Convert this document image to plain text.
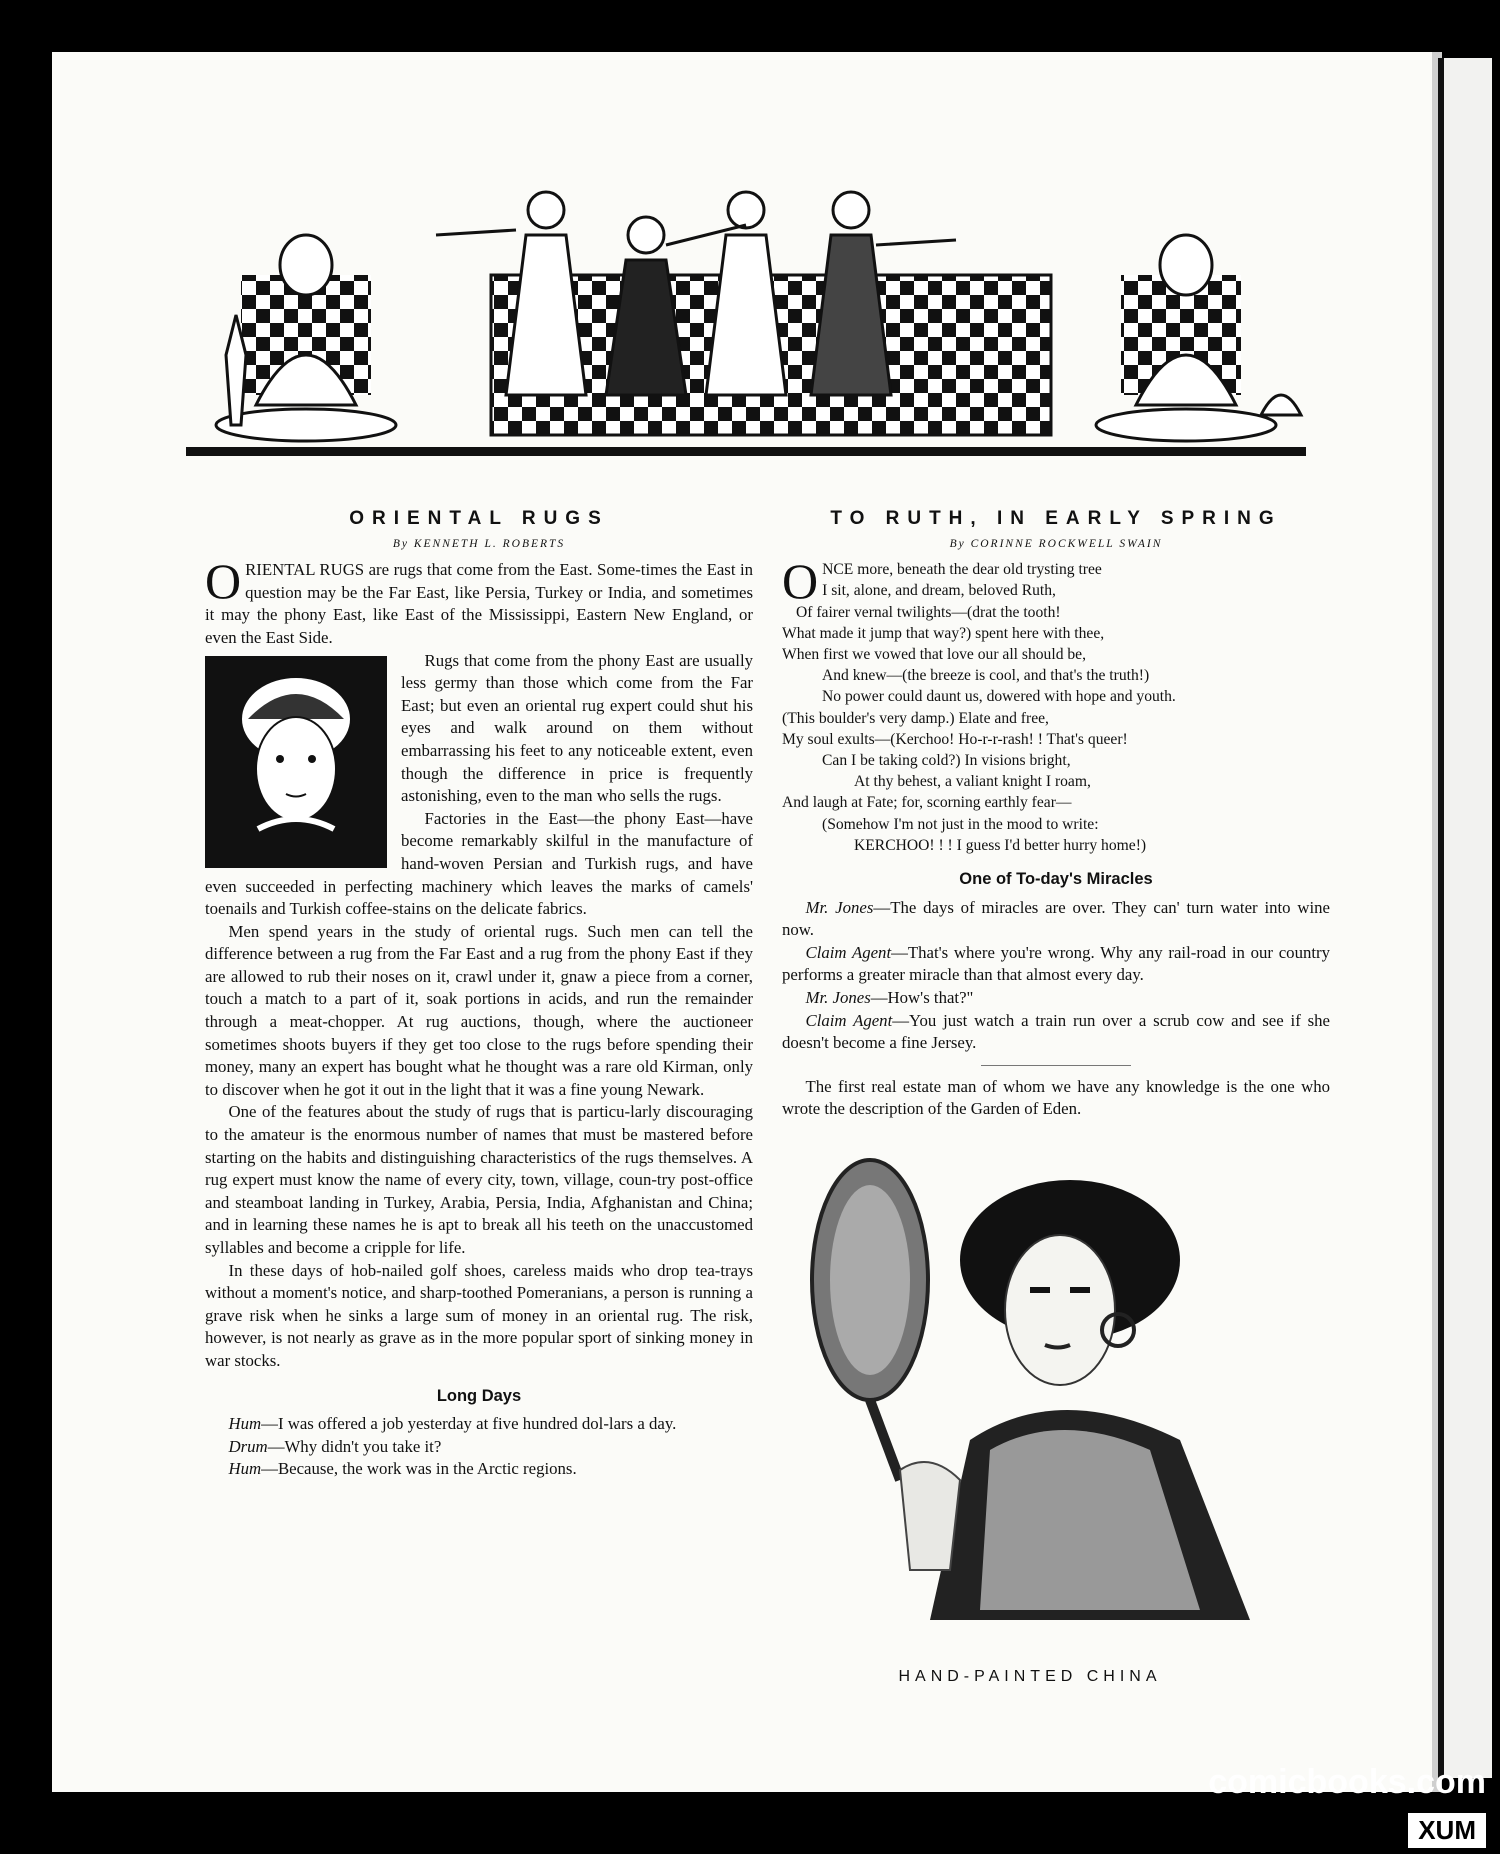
ORIENTAL RUGS
By KENNETH L. ROBERTS

ORIENTAL RUGS are rugs that come from the East. Some-times the East in question may be the Far East, like Persia, Turkey or India, and sometimes it may the phony East, like East of the Mississippi, Eastern New England, or even the East Side.

Rugs that come from the phony East are usually less germy than those which come from the Far East; but even an oriental rug expert could shut his eyes and walk around on them without embarrassing his feet to any noticeable extent, even though the difference in price is frequently astonishing, even to the man who sells the rugs.

Factories in the East—the phony East—have become remarkably skilful in the manufacture of hand-woven Persian and Turkish rugs, and have even succeeded in perfecting machinery which leaves the marks of camels' toenails and Turkish coffee-stains on the delicate fabrics.

Men spend years in the study of oriental rugs. Such men can tell the difference between a rug from the Far East and a rug from the phony East if they are allowed to rub their noses on it, crawl under it, gnaw a piece from a corner, touch a match to a part of it, soak portions in acids, and run the remainder through a meat-chopper. At rug auctions, though, where the auctioneer sometimes shoots buyers if they get too close to the rugs before spending their money, many an expert has bought what he thought was a rare old Kirman, only to discover when he got it out in the light that it was a fine young Newark.

One of the features about the study of rugs that is particu-larly discouraging to the amateur is the enormous number of names that must be mastered before starting on the habits and distinguishing characteristics of the rugs themselves. A rug expert must know the name of every city, town, village, coun-try post-office and steamboat landing in Turkey, Arabia, Persia, India, Afghanistan and China; and in learning these names he is apt to break all his teeth on the unaccustomed syllables and become a cripple for life.

In these days of hob-nailed golf shoes, careless maids who drop tea-trays without a moment's notice, and sharp-toothed Pomeranians, a person is running a grave risk when he sinks a large sum of money in an oriental rug. The risk, however, is not nearly as grave as in the more popular sport of sinking money in war stocks.

Long Days

Hum—I was offered a job yesterday at five hundred dol-lars a day.

Drum—Why didn't you take it?

Hum—Because, the work was in the Arctic regions.

TO RUTH, IN EARLY SPRING
By CORINNE ROCKWELL SWAIN
O NCE more, beneath the dear old trysting tree
I sit, alone, and dream, beloved Ruth,
Of fairer vernal twilights—(drat the tooth!
What made it jump that way?) spent here with thee,
When first we vowed that love our all should be,
And knew—(the breeze is cool, and that's the truth!)
No power could daunt us, dowered with hope and youth.
(This boulder's very damp.) Elate and free,
My soul exults—(Kerchoo! Ho-r-r-rash! ! That's queer!
Can I be taking cold?) In visions bright,
At thy behest, a valiant knight I roam,
And laugh at Fate; for, scorning earthly fear—
(Somehow I'm not just in the mood to write:
KERCHOO! ! ! I guess I'd better hurry home!)
One of To-day's Miracles

Mr. Jones—The days of miracles are over. They can' turn water into wine now.

Claim Agent—That's where you're wrong. Why any rail-road in our country performs a greater miracle than that almost every day.

Mr. Jones—How's that?"

Claim Agent—You just watch a train run over a scrub cow and see if she doesn't become a fine Jersey.

The first real estate man of whom we have any knowledge is the one who wrote the description of the Garden of Eden.

HAND-PAINTED CHINA
comicbooks.com
XUM
